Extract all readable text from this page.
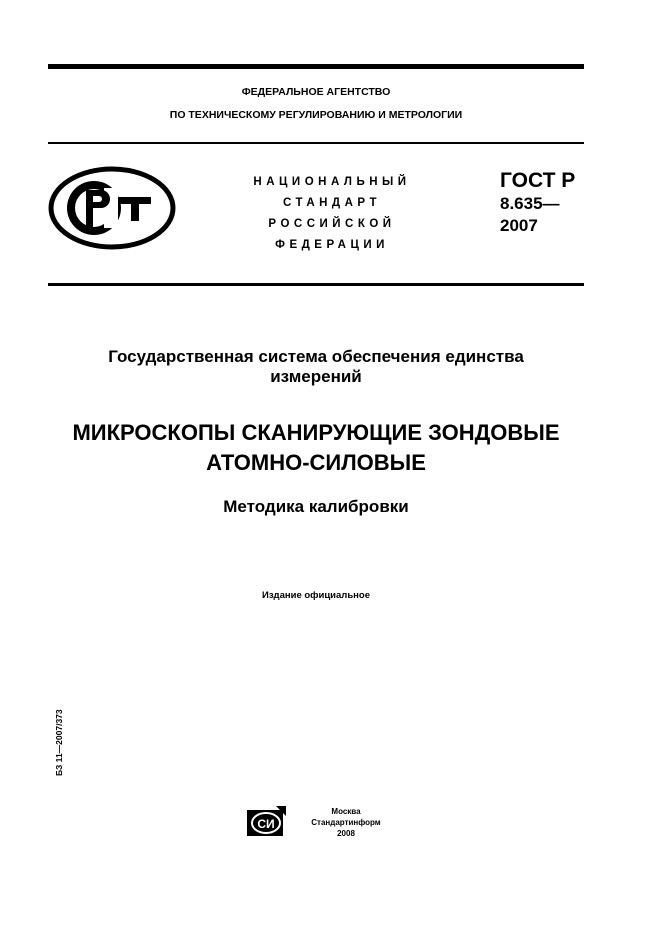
ФЕДЕРАЛЬНОЕ АГЕНТСТВО
ПО ТЕХНИЧЕСКОМУ РЕГУЛИРОВАНИЮ И МЕТРОЛОГИИ
НАЦИОНАЛЬНЫЙ
СТАНДАРТ
РОССИЙСКОЙ
ФЕДЕРАЦИИ
ГОСТ Р
8.635—
2007
Государственная система обеспечения единства
измерений
МИКРОСКОПЫ СКАНИРУЮЩИЕ ЗОНДОВЫЕ
АТОМНО-СИЛОВЫЕ
Методика калибровки
Издание официальное
БЗ 11—2007/373
СИ
Москва
Стандартинформ
2008
